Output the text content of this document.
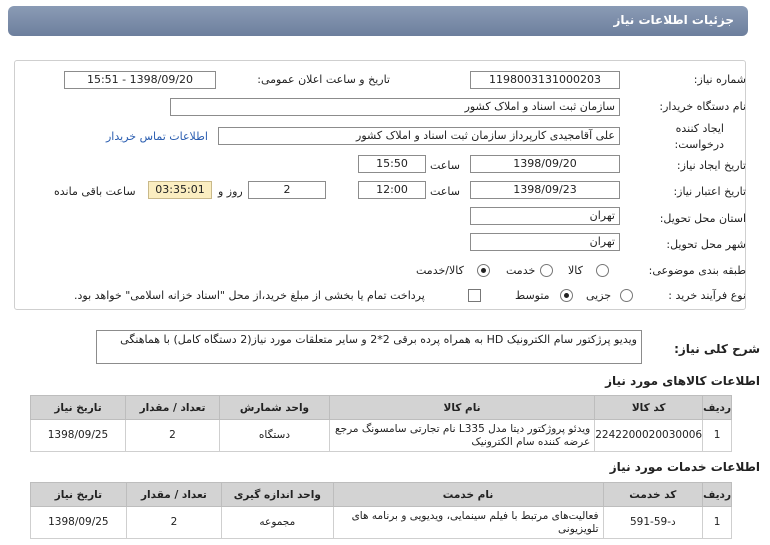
جزئیات اطلاعات نیاز
شماره نیاز:
1198003131000203
تاریخ و ساعت اعلان عمومی:
1398/09/20 - 15:51
نام دستگاه خریدار:
سازمان ثبت اسناد و املاک کشور
ایجاد کننده
درخواست:
علی آقامجیدی کارپرداز سازمان ثبت اسناد و املاک کشور
اطلاعات تماس خریدار
تاریخ ایجاد نیاز:
1398/09/20
ساعت
15:50
تاریخ اعتبار نیاز:
1398/09/23
ساعت
12:00
2
روز و
03:35:01
ساعت باقی مانده
استان محل تحویل:
تهران
شهر محل تحویل:
تهران
طبقه بندی موضوعی:
کالا
خدمت
کالا/خدمت
نوع فرآیند خرید :
جزیی
متوسط
پرداخت تمام یا بخشی از مبلغ خرید،از محل "اسناد خزانه اسلامی" خواهد بود.
شرح کلی نیاز:
ویدیو پرژکتور سام الکترونیک HD به همراه پرده برقی 2*2 و سایر متعلقات مورد نیاز(2 دستگاه کامل) با هماهنگی
اطلاعات کالاهای مورد نیاز
ردیف	کد کالا	نام کالا	واحد شمارش	تعداد / مقدار	تاریخ نیاز
1	2242200020030006	ویدئو پروژکتور دیتا مدل L335 نام تجارتی سامسونگ مرجع عرضه کننده سام الکترونیک	دستگاه	2	1398/09/25
اطلاعات خدمات مورد نیاز
ردیف	کد خدمت	نام خدمت	واحد اندازه گیری	تعداد / مقدار	تاریخ نیاز
1	د-59-591	فعالیت‌های مرتبط با فیلم سینمایی، ویدیویی و برنامه های تلویزیونی	مجموعه	2	1398/09/25
